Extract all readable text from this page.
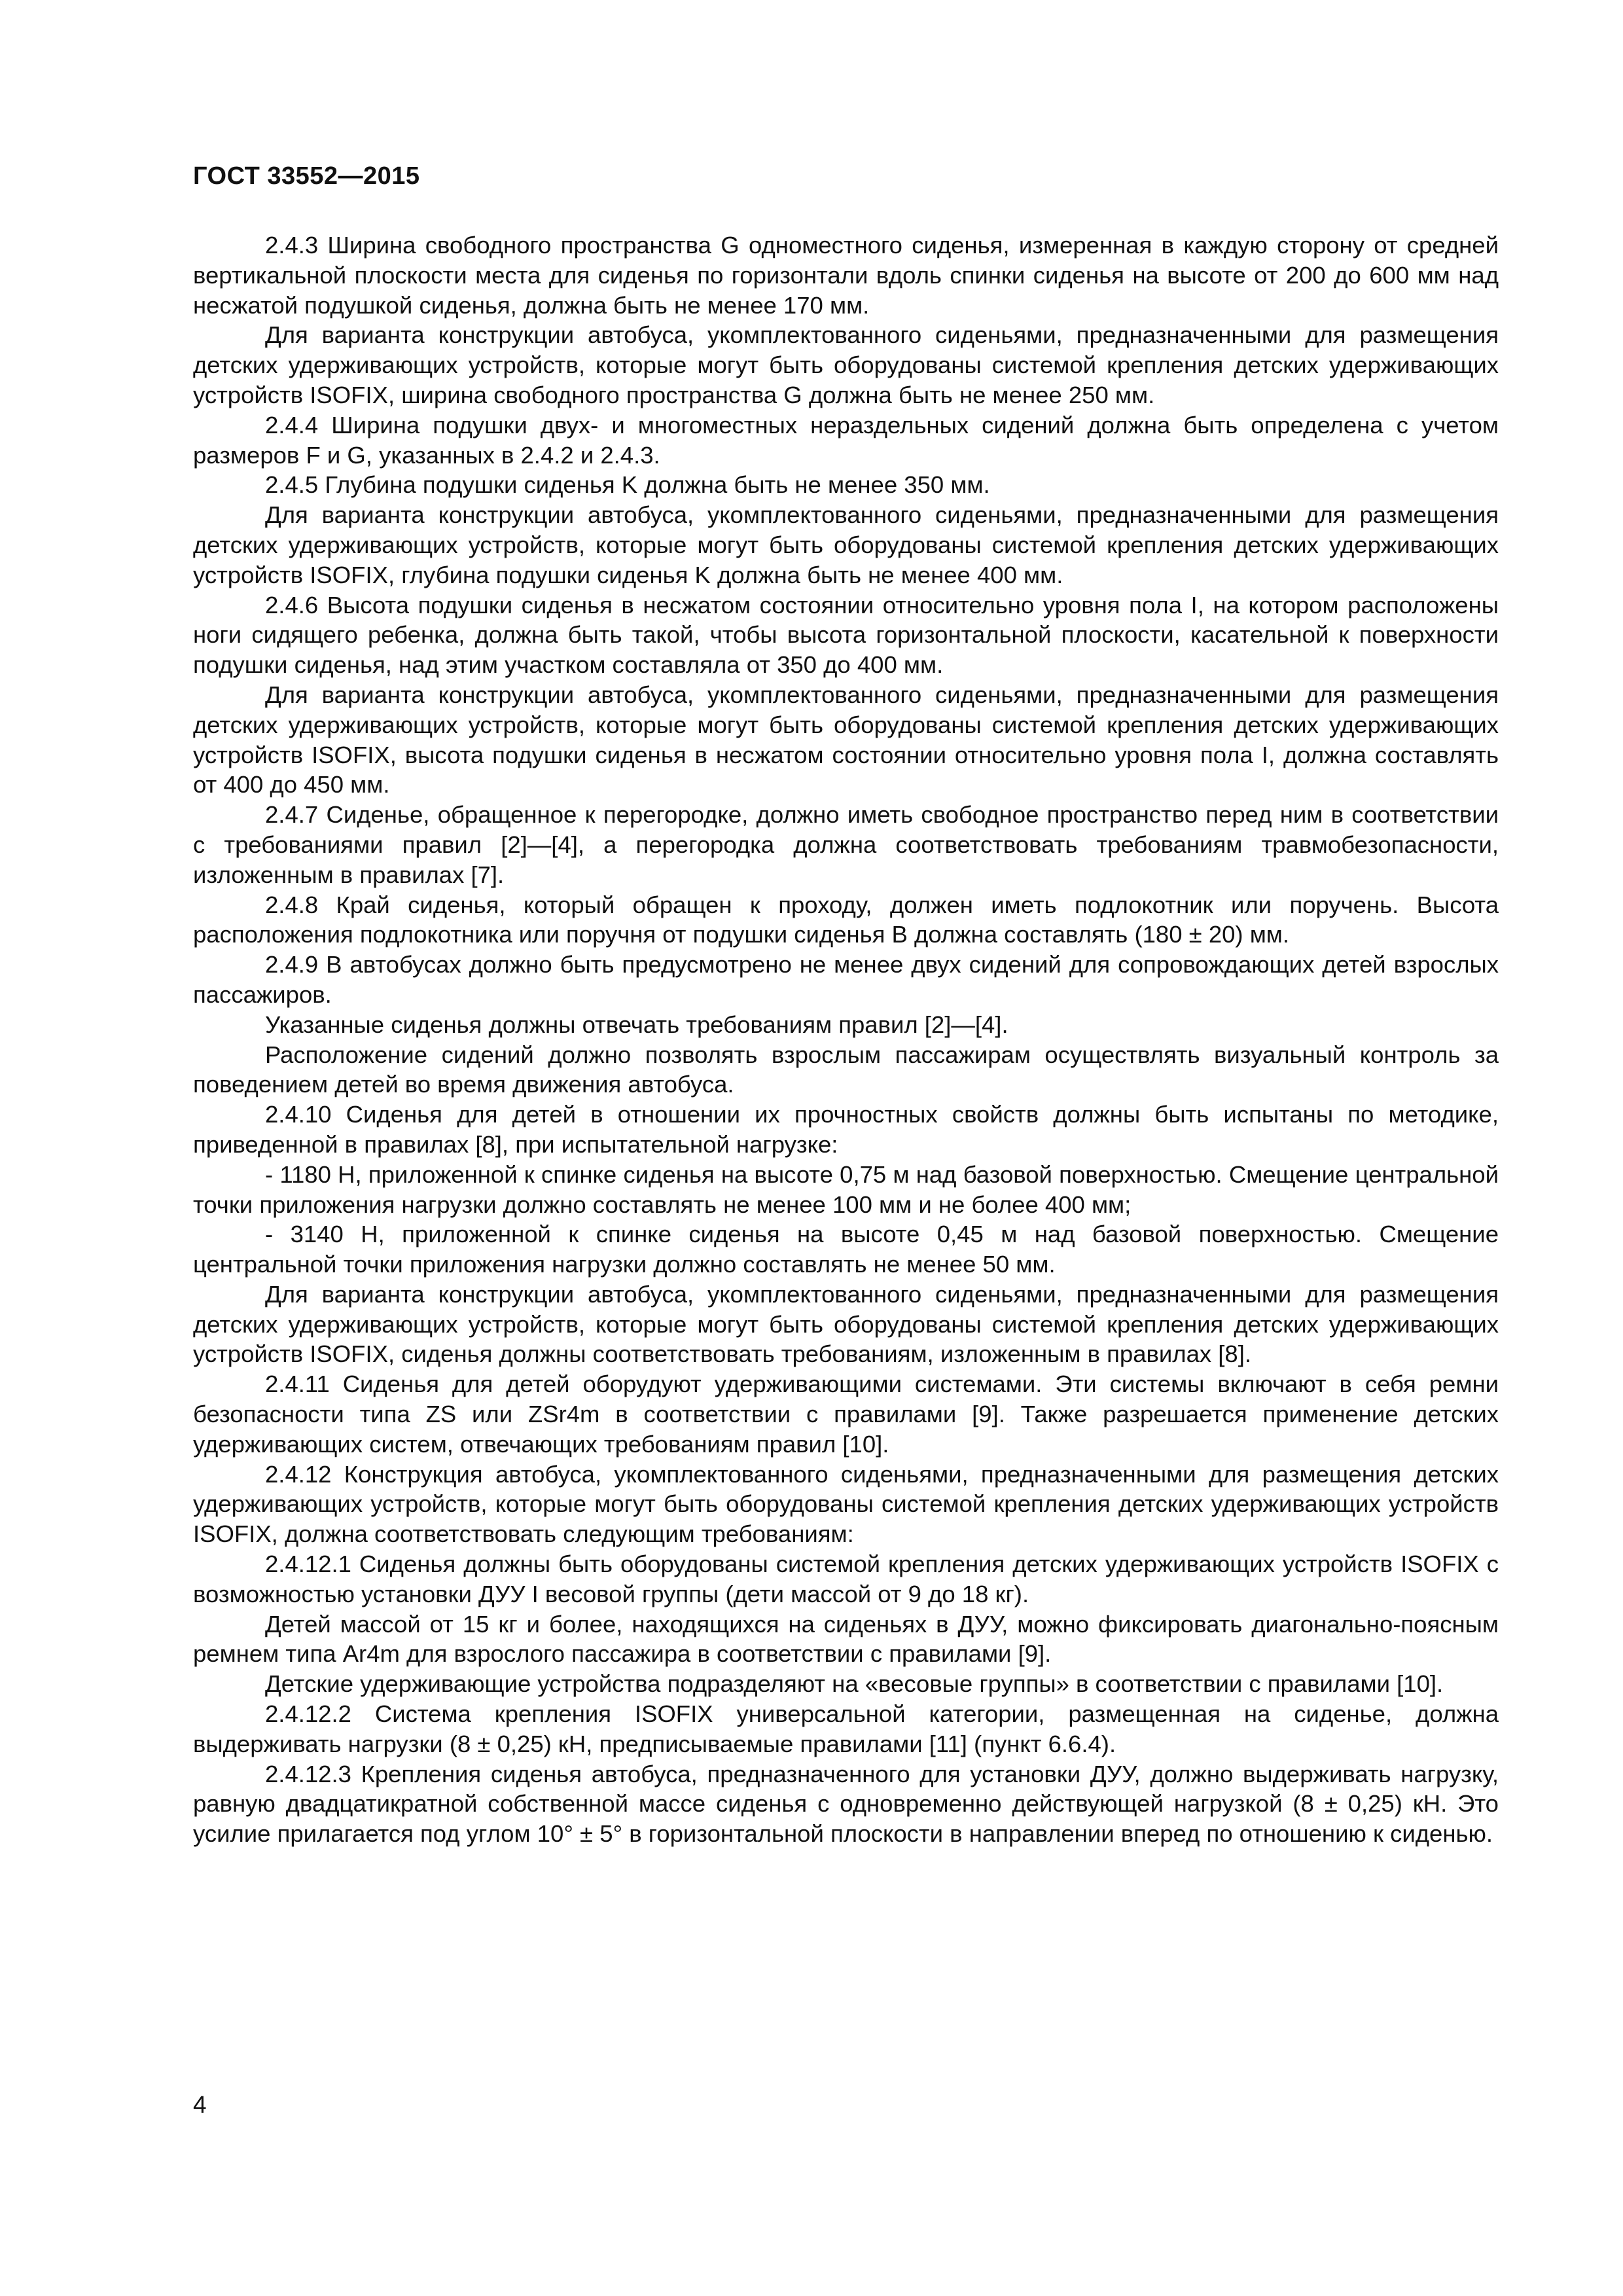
ГОСТ 33552—2015

2.4.3 Ширина свободного пространства G одноместного сиденья, измеренная в каждую сторону от средней вертикальной плоскости места для сиденья по горизонтали вдоль спинки сиденья на высоте от 200 до 600 мм над несжатой подушкой сиденья, должна быть не менее 170 мм.

Для варианта конструкции автобуса, укомплектованного сиденьями, предназначенными для размещения детских удерживающих устройств, которые могут быть оборудованы системой крепления детских удерживающих устройств ISOFIX, ширина свободного пространства G должна быть не менее 250 мм.

2.4.4 Ширина подушки двух- и многоместных нераздельных сидений должна быть определена с учетом размеров F и G, указанных в 2.4.2 и 2.4.3.

2.4.5 Глубина подушки сиденья K должна быть не менее 350 мм.

Для варианта конструкции автобуса, укомплектованного сиденьями, предназначенными для размещения детских удерживающих устройств, которые могут быть оборудованы системой крепления детских удерживающих устройств ISOFIX, глубина подушки сиденья K должна быть не менее 400 мм.

2.4.6 Высота подушки сиденья в несжатом состоянии относительно уровня пола I, на котором расположены ноги сидящего ребенка, должна быть такой, чтобы высота горизонтальной плоскости, касательной к поверхности подушки сиденья, над этим участком составляла от 350 до 400 мм.

Для варианта конструкции автобуса, укомплектованного сиденьями, предназначенными для размещения детских удерживающих устройств, которые могут быть оборудованы системой крепления детских удерживающих устройств ISOFIX, высота подушки сиденья в несжатом состоянии относительно уровня пола I, должна составлять от 400 до 450 мм.

2.4.7 Сиденье, обращенное к перегородке, должно иметь свободное пространство перед ним в соответствии с требованиями правил [2]—[4], а перегородка должна соответствовать требованиям травмобезопасности, изложенным в правилах [7].

2.4.8 Край сиденья, который обращен к проходу, должен иметь подлокотник или поручень. Высота расположения подлокотника или поручня от подушки сиденья B должна составлять (180 ± 20) мм.

2.4.9 В автобусах должно быть предусмотрено не менее двух сидений для сопровождающих детей взрослых пассажиров.

Указанные сиденья должны отвечать требованиям правил [2]—[4].

Расположение сидений должно позволять взрослым пассажирам осуществлять визуальный контроль за поведением детей во время движения автобуса.

2.4.10 Сиденья для детей в отношении их прочностных свойств должны быть испытаны по методике, приведенной в правилах [8], при испытательной нагрузке:

- 1180 Н, приложенной к спинке сиденья на высоте 0,75 м над базовой поверхностью. Смещение центральной точки приложения нагрузки должно составлять не менее 100 мм и не более 400 мм;

- 3140 Н, приложенной к спинке сиденья на высоте 0,45 м над базовой поверхностью. Смещение центральной точки приложения нагрузки должно составлять не менее 50 мм.

Для варианта конструкции автобуса, укомплектованного сиденьями, предназначенными для размещения детских удерживающих устройств, которые могут быть оборудованы системой крепления детских удерживающих устройств ISOFIX, сиденья должны соответствовать требованиям, изложенным в правилах [8].

2.4.11 Сиденья для детей оборудуют удерживающими системами. Эти системы включают в себя ремни безопасности типа ZS или ZSr4m в соответствии с правилами [9]. Также разрешается применение детских удерживающих систем, отвечающих требованиям правил [10].

2.4.12 Конструкция автобуса, укомплектованного сиденьями, предназначенными для размещения детских удерживающих устройств, которые могут быть оборудованы системой крепления детских удерживающих устройств ISOFIX, должна соответствовать следующим требованиям:

2.4.12.1 Сиденья должны быть оборудованы системой крепления детских удерживающих устройств ISOFIX с возможностью установки ДУУ I весовой группы (дети массой от 9 до 18 кг).

Детей массой от 15 кг и более, находящихся на сиденьях в ДУУ, можно фиксировать диагонально-поясным ремнем типа Ar4m для взрослого пассажира в соответствии с правилами [9].

Детские удерживающие устройства подразделяют на «весовые группы» в соответствии с правилами [10].

2.4.12.2 Система крепления ISOFIX универсальной категории, размещенная на сиденье, должна выдерживать нагрузки (8 ± 0,25) кН, предписываемые правилами [11] (пункт 6.6.4).

2.4.12.3 Крепления сиденья автобуса, предназначенного для установки ДУУ, должно выдерживать нагрузку, равную двадцатикратной собственной массе сиденья с одновременно действующей нагрузкой (8 ± 0,25) кН. Это усилие прилагается под углом 10° ± 5° в горизонтальной плоскости в направлении вперед по отношению к сиденью.

4
